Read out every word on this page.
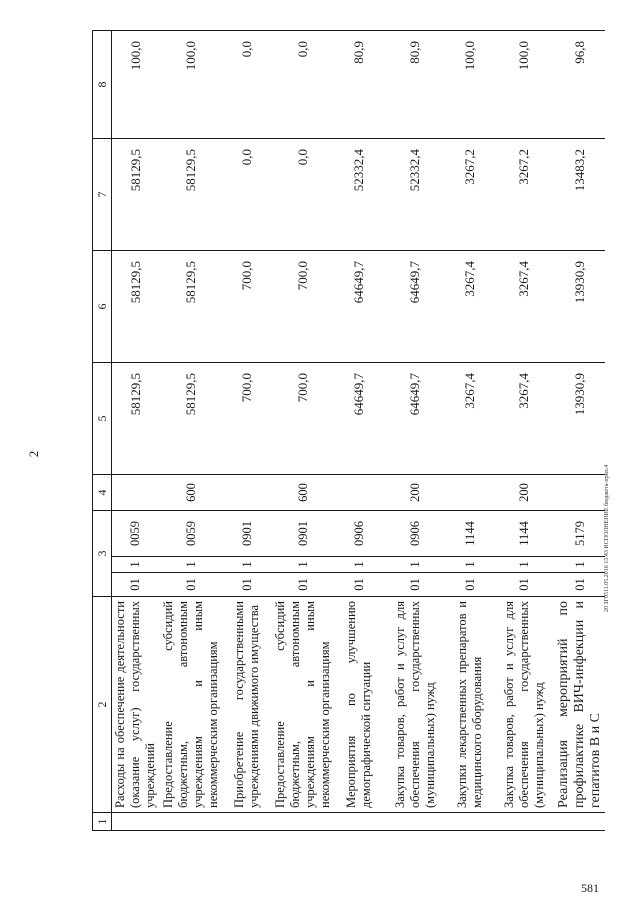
2
1	2	3			4	5	6	7	8
	Расходы на обеспечение деятельности (оказание услуг) государственных учреждений	01	1	0059		58129,5	58129,5	58129,5	100,0
	Предоставление субсидий бюджетным, автономным учреждениям и иным некоммерческим организациям	01	1	0059	600	58129,5	58129,5	58129,5	100,0
	Приобретение государственными учреждениями движимого имущества	01	1	0901		700,0	700,0	0,0	0,0
	Предоставление субсидий бюджетным, автономным учреждениям и иным некоммерческим организациям	01	1	0901	600	700,0	700,0	0,0	0,0
	Мероприятия по улучшению демографической ситуации	01	1	0906		64649,7	64649,7	52332,4	80,9
	Закупка товаров, работ и услуг для обеспечения государственных (муниципальных) нужд	01	1	0906	200	64649,7	64649,7	52332,4	80,9
	Закупки лекарственных препаратов и медицинского оборудования	01	1	1144		3267,4	3267,4	3267,2	100,0
	Закупка товаров, работ и услуг для обеспечения государственных (муниципальных) нужд	01	1	1144	200	3267,4	3267,4	3267,2	100,0
	Реализация мероприятий по профилактике ВИЧ-инфекции и гепатитов В и С	01	1	5179		13930,9	13930,9	13483,2	96,8
20 ЗГ0511.05.2016 15:43 ИСПОЛНЕНИЕ бюджета-прил.4
581
